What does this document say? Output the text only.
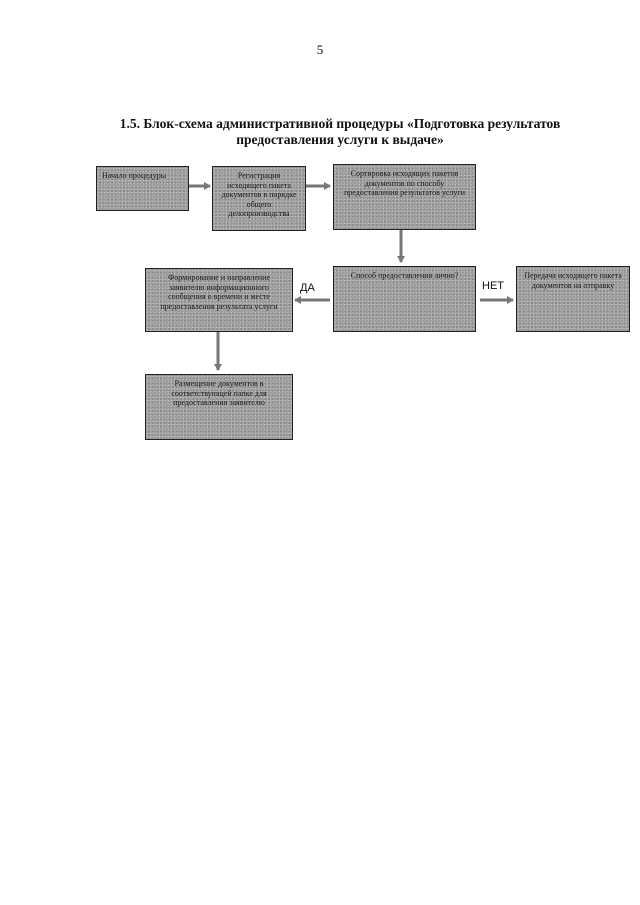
5
1.5. Блок-схема административной процедуры «Подготовка результатов
предоставления услуги к выдаче»
Начало процедуры	Регистрация исходящего пакета документов в порядке общего делопроизводства
Сортировка исходящих пакетов документов по способу предоставления результатов услуги
Способ предоставления лично?	Передача исходящего пакета документов на отправку
Формирование и направление заявителю информационного сообщения о времени и месте предоставления результата услуги
Размещение документов в соответствующей папке для предоставления заявителю
ДА	НЕТ
